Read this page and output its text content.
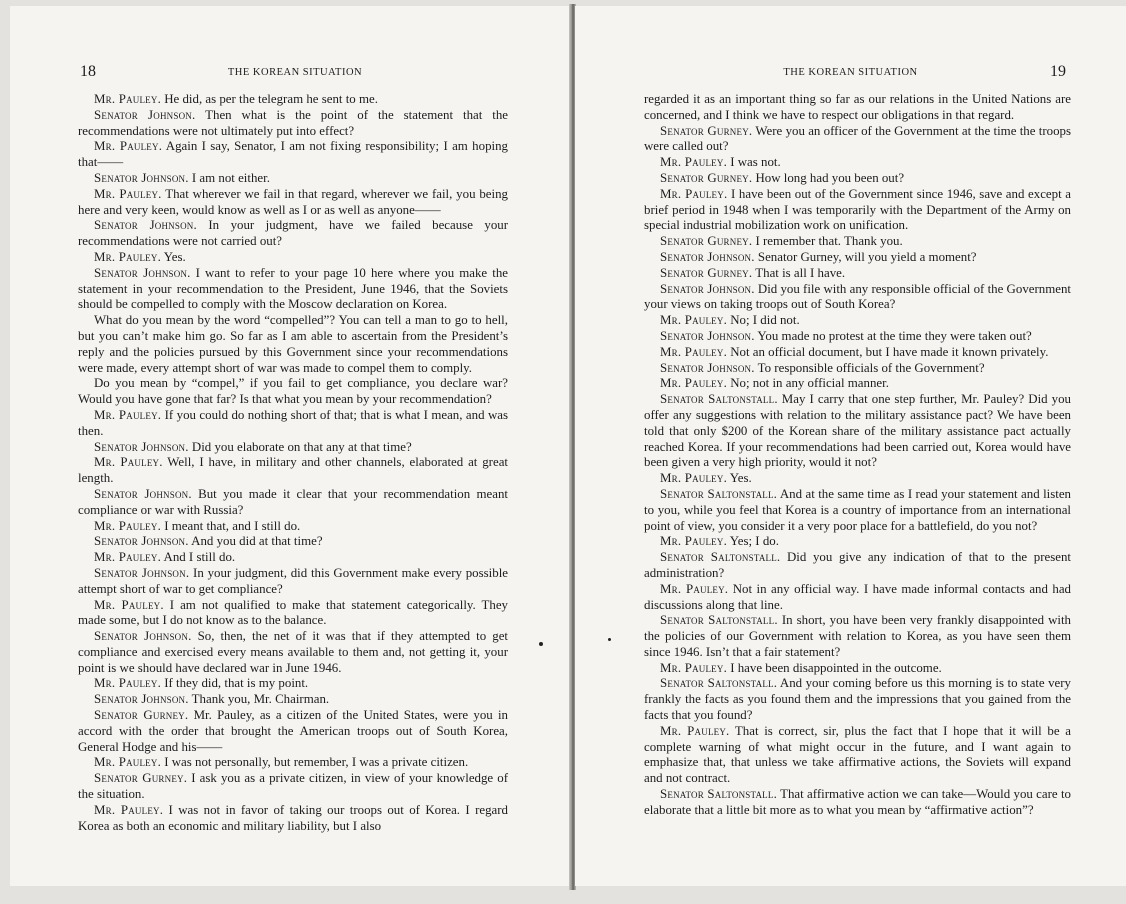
18	THE KOREAN SITUATION

Mr. Pauley. He did, as per the telegram he sent to me.

Senator Johnson. Then what is the point of the statement that the recommendations were not ultimately put into effect?

Mr. Pauley. Again I say, Senator, I am not fixing responsibility; I am hoping that——

Senator Johnson. I am not either.

Mr. Pauley. That wherever we fail in that regard, wherever we fail, you being here and very keen, would know as well as I or as well as anyone——

Senator Johnson. In your judgment, have we failed because your recommendations were not carried out?

Mr. Pauley. Yes.

Senator Johnson. I want to refer to your page 10 here where you make the statement in your recommendation to the President, June 1946, that the Soviets should be compelled to comply with the Moscow declaration on Korea.

What do you mean by the word “compelled”? You can tell a man to go to hell, but you can’t make him go. So far as I am able to ascertain from the President’s reply and the policies pursued by this Government since your recommendations were made, every attempt short of war was made to compel them to comply.

Do you mean by “compel,” if you fail to get compliance, you declare war? Would you have gone that far? Is that what you mean by your recommendation?

Mr. Pauley. If you could do nothing short of that; that is what I mean, and was then.

Senator Johnson. Did you elaborate on that any at that time?

Mr. Pauley. Well, I have, in military and other channels, elaborated at great length.

Senator Johnson. But you made it clear that your recommendation meant compliance or war with Russia?

Mr. Pauley. I meant that, and I still do.

Senator Johnson. And you did at that time?

Mr. Pauley. And I still do.

Senator Johnson. In your judgment, did this Government make every possible attempt short of war to get compliance?

Mr. Pauley. I am not qualified to make that statement categorically. They made some, but I do not know as to the balance.

Senator Johnson. So, then, the net of it was that if they attempted to get compliance and exercised every means available to them and, not getting it, your point is we should have declared war in June 1946.

Mr. Pauley. If they did, that is my point.

Senator Johnson. Thank you, Mr. Chairman.

Senator Gurney. Mr. Pauley, as a citizen of the United States, were you in accord with the order that brought the American troops out of South Korea, General Hodge and his——

Mr. Pauley. I was not personally, but remember, I was a private citizen.

Senator Gurney. I ask you as a private citizen, in view of your knowledge of the situation.

Mr. Pauley. I was not in favor of taking our troops out of Korea. I regard Korea as both an economic and military liability, but I also

THE KOREAN SITUATION	19

regarded it as an important thing so far as our relations in the United Nations are concerned, and I think we have to respect our obligations in that regard.

Senator Gurney. Were you an officer of the Government at the time the troops were called out?

Mr. Pauley. I was not.

Senator Gurney. How long had you been out?

Mr. Pauley. I have been out of the Government since 1946, save and except a brief period in 1948 when I was temporarily with the Department of the Army on special industrial mobilization work on unification.

Senator Gurney. I remember that. Thank you.

Senator Johnson. Senator Gurney, will you yield a moment?

Senator Gurney. That is all I have.

Senator Johnson. Did you file with any responsible official of the Government your views on taking troops out of South Korea?

Mr. Pauley. No; I did not.

Senator Johnson. You made no protest at the time they were taken out?

Mr. Pauley. Not an official document, but I have made it known privately.

Senator Johnson. To responsible officials of the Government?

Mr. Pauley. No; not in any official manner.

Senator Saltonstall. May I carry that one step further, Mr. Pauley? Did you offer any suggestions with relation to the military assistance pact? We have been told that only $200 of the Korean share of the military assistance pact actually reached Korea. If your recommendations had been carried out, Korea would have been given a very high priority, would it not?

Mr. Pauley. Yes.

Senator Saltonstall. And at the same time as I read your statement and listen to you, while you feel that Korea is a country of importance from an international point of view, you consider it a very poor place for a battlefield, do you not?

Mr. Pauley. Yes; I do.

Senator Saltonstall. Did you give any indication of that to the present administration?

Mr. Pauley. Not in any official way. I have made informal contacts and had discussions along that line.

Senator Saltonstall. In short, you have been very frankly disappointed with the policies of our Government with relation to Korea, as you have seen them since 1946. Isn’t that a fair statement?

Mr. Pauley. I have been disappointed in the outcome.

Senator Saltonstall. And your coming before us this morning is to state very frankly the facts as you found them and the impressions that you gained from the facts that you found?

Mr. Pauley. That is correct, sir, plus the fact that I hope that it will be a complete warning of what might occur in the future, and I want again to emphasize that, that unless we take affirmative actions, the Soviets will expand and not contract.

Senator Saltonstall. That affirmative action we can take—Would you care to elaborate that a little bit more as to what you mean by “affirmative action”?
